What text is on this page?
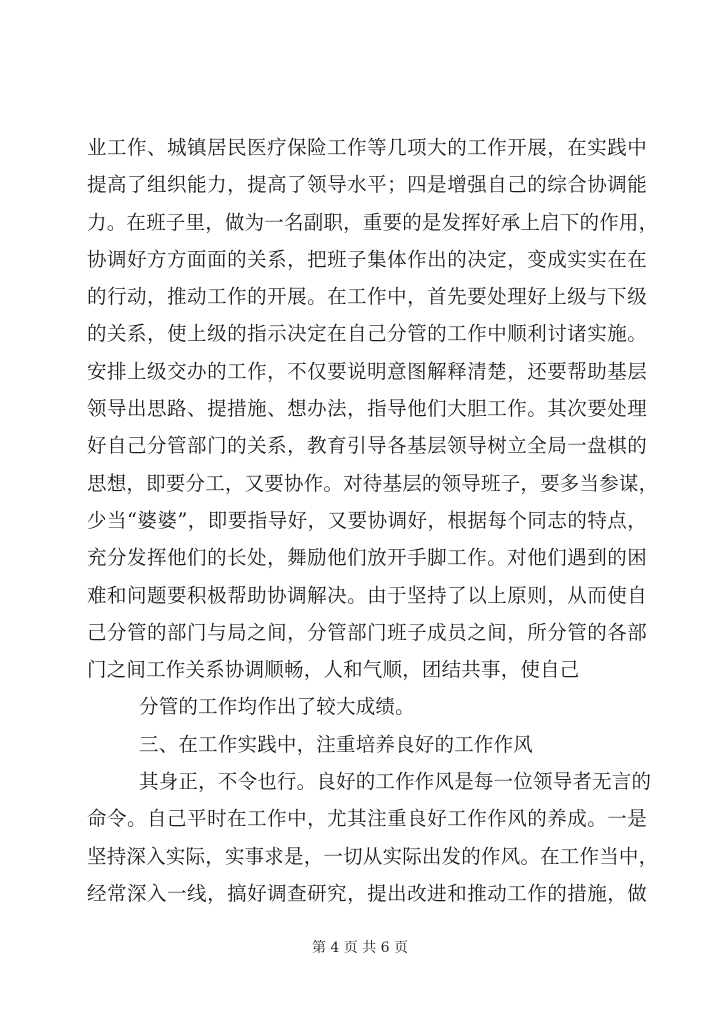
业工作、城镇居民医疗保险工作等几项大的工作开展，在实践中
提高了组织能力，提高了领导水平；四是增强自己的综合协调能
力。在班子里，做为一名副职，重要的是发挥好承上启下的作用，
协调好方方面面的关系，把班子集体作出的决定，变成实实在在
的行动，推动工作的开展。在工作中，首先要处理好上级与下级
的关系，使上级的指示决定在自己分管的工作中顺利讨诸实施。
安排上级交办的工作，不仅要说明意图解释清楚，还要帮助基层
领导出思路、提措施、想办法，指导他们大胆工作。其次要处理
好自己分管部门的关系，教育引导各基层领导树立全局一盘棋的
思想，即要分工，又要协作。对待基层的领导班子，要多当参谋，
少当“婆婆”，即要指导好，又要协调好，根据每个同志的特点，
充分发挥他们的长处，舞励他们放开手脚工作。对他们遇到的困
难和问题要积极帮助协调解决。由于坚持了以上原则，从而使自
己分管的部门与局之间，分管部门班子成员之间，所分管的各部
门之间工作关系协调顺畅，人和气顺，团结共事，使自己
分管的工作均作出了较大成绩。
三、在工作实践中，注重培养良好的工作作风
其身正，不令也行。良好的工作作风是每一位领导者无言的
命令。自己平时在工作中，尤其注重良好工作作风的养成。一是
坚持深入实际，实事求是，一切从实际出发的作风。在工作当中，
经常深入一线，搞好调查研究，提出改进和推动工作的措施，做
第 4 页 共 6 页
